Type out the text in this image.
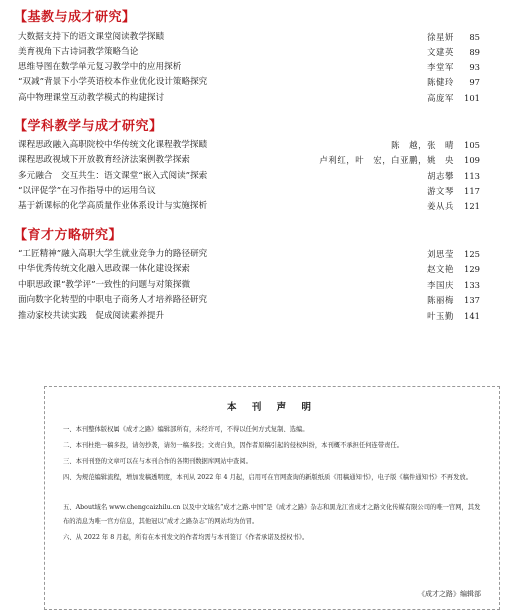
【基教与成才研究】
大数据支持下的语文课堂阅读教学探赜	徐星妍	85
美育视角下古诗词教学策略刍论	文建英	89
思维导图在数学单元复习教学中的应用探析	李堂军	93
“双减”背景下小学英语校本作业优化设计策略探究	陈健玲	97
高中物理课堂互动教学模式的构建探讨	高庞军	101
【学科教学与成才研究】
课程思政融入高职院校中华传统文化课程教学探赜	陈　越，张　晴	105
课程思政视域下开放教育经济法案例教学探索	卢利红，叶　宏，白亚鹏，姚　央	109
多元融合　交互共生：语文课堂“嵌入式阅读”探索	胡志攀	113
“以评促学”在习作指导中的运用刍议	游文琴	117
基于新课标的化学高质量作业体系设计与实施探析	姜从兵	121
【育才方略研究】
“工匠精神”融入高职大学生就业竞争力的路径研究	刘思莹	125
中华优秀传统文化融入思政课一体化建设探索	赵文艳	129
中职思政课“教学评”一致性的问题与对策探微	李国庆	133
面向数字化转型的中职电子商务人才培养路径研究	陈丽梅	137
推动家校共读实践　促成阅读素养提升	叶玉勤	141
本 刊 声 明
一、本刊整体版权属《成才之路》编辑部所有，未经许可，不得以任何方式复制、选编。
二、本刊杜绝一稿多投，请勿抄袭，请勿一稿多投；文责自负，因作者原稿引起的侵权纠纷，本刊概不承担任何连带责任。
三、本刊刊登的文章可以在与本刊合作的各期刊数据库网站中查阅。
四、为规范编辑流程，增加发稿透明度，本刊从 2022 年 4 月起，启用可在官网查询的新版纸质《用稿通知书》，电子版《稿件通知书》不再发放。
五、About域名 www.chengcaizhilu.cn 以及中文域名“成才之路.中国”是《成才之路》杂志和黑龙江省成才之路文化传媒有限公司的唯一官网，其发布的消息为唯一官方信息，其他冠以“成才之路杂志”的网站均为仿冒。
六、从 2022 年 8 月起，所有在本刊发文的作者均需与本刊签订《作者承诺及授权书》。
《成才之路》编辑部
